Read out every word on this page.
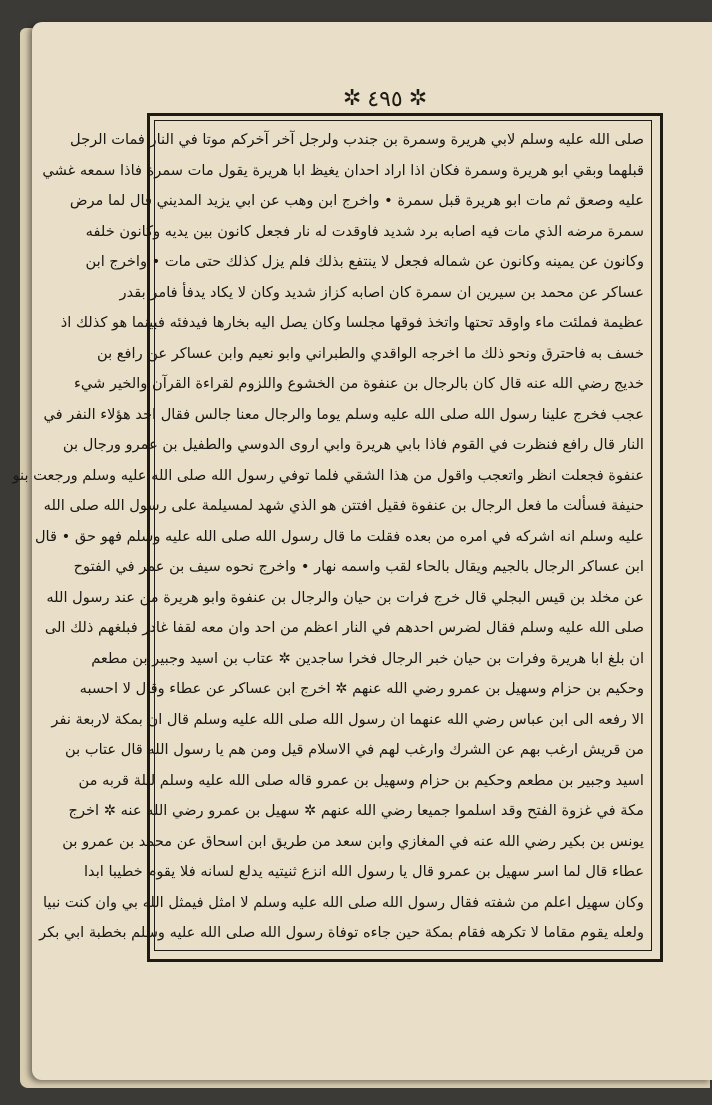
✲ ٤٩٥ ✲
صلى الله عليه وسلم لابي هريرة وسمرة بن جندب ولرجل آخر آخركم موتا في النار فمات الرجل
قبلهما وبقي ابو هريرة وسمرة فكان اذا اراد احدان يغيظ ابا هريرة يقول مات سمرة فاذا سمعه غشي
عليه وصعق ثم مات ابو هريرة قبل سمرة • واخرج ابن وهب عن ابي يزيد المديني قال لما مرض
سمرة مرضه الذي مات فيه اصابه برد شديد فاوقدت له نار فجعل كانون بين يديه وكانون خلفه
وكانون عن يمينه وكانون عن شماله فجعل لا ينتفع بذلك فلم يزل كذلك حتى مات • واخرج ابن
عساكر عن محمد بن سيرين ان سمرة كان اصابه كزاز شديد وكان لا يكاد يدفأ فامر بقدر
عظيمة فملئت ماء واوقد تحتها واتخذ فوقها مجلسا وكان يصل اليه بخارها فيدفئه فبينما هو كذلك اذ
خسف به فاحترق ونحو ذلك ما اخرجه الواقدي والطبراني وابو نعيم وابن عساكر عن رافع بن
خديج رضي الله عنه قال كان بالرجال بن عنفوة من الخشوع واللزوم لقراءة القرآن والخير شيء
عجب فخرج علينا رسول الله صلى الله عليه وسلم يوما والرجال معنا جالس فقال احد هؤلاء النفر في
النار قال رافع فنظرت في القوم فاذا بابي هريرة وابي اروى الدوسي والطفيل بن عمرو ورجال بن
عنفوة فجعلت انظر واتعجب واقول من هذا الشقي فلما توفي رسول الله صلى الله عليه وسلم ورجعت بنو
حنيفة فسألت ما فعل الرجال بن عنفوة فقيل افتتن هو الذي شهد لمسيلمة على رسول الله صلى الله
عليه وسلم انه اشركه في امره من بعده فقلت ما قال رسول الله صلى الله عليه وسلم فهو حق • قال
ابن عساكر الرجال بالجيم ويقال بالحاء لقب واسمه نهار • واخرج نحوه سيف بن عمر في الفتوح
عن مخلد بن قيس البجلي قال خرج فرات بن حيان والرجال بن عنفوة وابو هريرة من عند رسول الله
صلى الله عليه وسلم فقال لضرس احدهم في النار اعظم من احد وان معه لقفا غادر فبلغهم ذلك الى
ان بلغ ابا هريرة وفرات بن حيان خبر الرجال فخرا ساجدين ✲ عتاب بن اسيد وجبير بن مطعم
وحكيم بن حزام وسهيل بن عمرو رضي الله عنهم ✲ اخرج ابن عساكر عن عطاء وقال لا احسبه
الا رفعه الى ابن عباس رضي الله عنهما ان رسول الله صلى الله عليه وسلم قال ان بمكة لاربعة نفر
من قريش ارغب بهم عن الشرك وارغب لهم في الاسلام قيل ومن هم يا رسول الله قال عتاب بن
اسيد وجبير بن مطعم وحكيم بن حزام وسهيل بن عمرو قاله صلى الله عليه وسلم ليلة قربه من
مكة في غزوة الفتح وقد اسلموا جميعا رضي الله عنهم ✲ سهيل بن عمرو رضي الله عنه ✲ اخرج
يونس بن بكير رضي الله عنه في المغازي وابن سعد من طريق ابن اسحاق عن محمد بن عمرو بن
عطاء قال لما اسر سهيل بن عمرو قال يا رسول الله انزع ثنيتيه يدلع لسانه فلا يقوم خطيبا ابدا
وكان سهيل اعلم من شفته فقال رسول الله صلى الله عليه وسلم لا امثل فيمثل الله بي وان كنت نبيا
ولعله يقوم مقاما لا تكرهه فقام بمكة حين جاءه توفاة رسول الله صلى الله عليه وسلم بخطبة ابي بكر
